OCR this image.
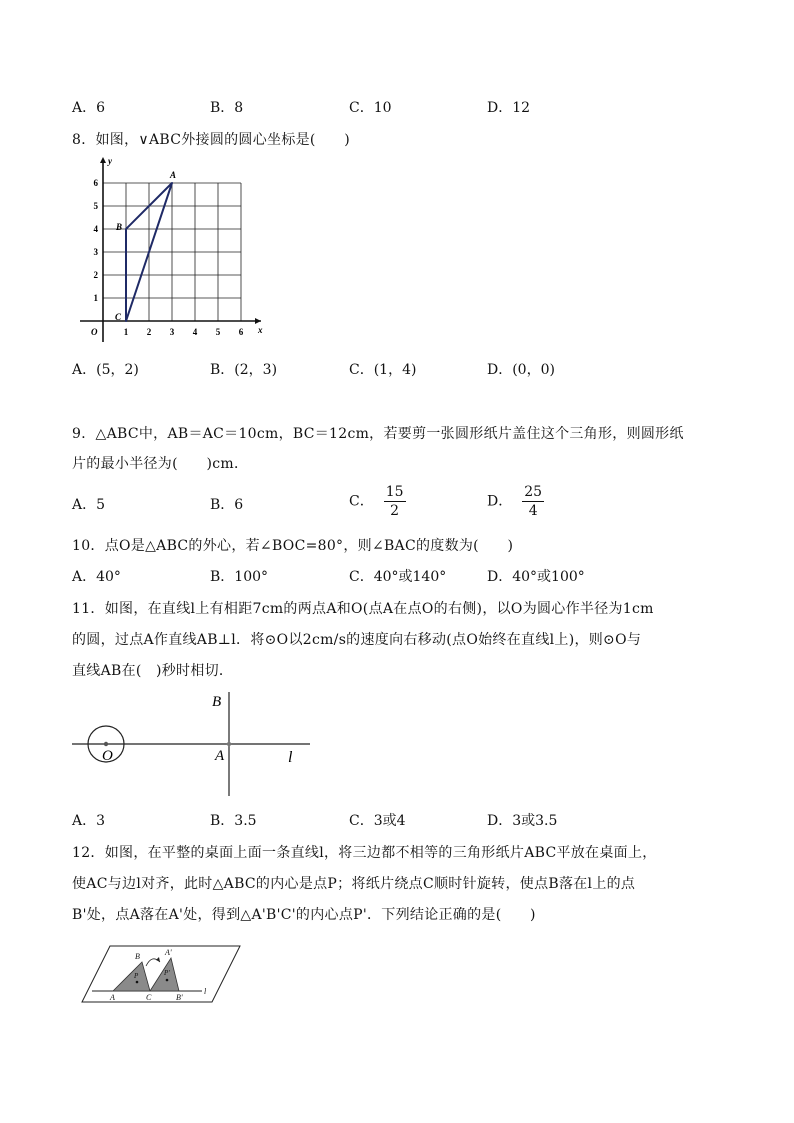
A．6	B．8	C．10	D．12
8．如图，∨ABC外接圆的圆心坐标是(　　)
y
x
O
1
2
3
4
5
6
1 2 3 4 5 6
A
B
C
A．(5，2)	B．(2，3)	C．(1，4)	D．(0，0)
9．△ABC中，AB＝AC＝10cm，BC＝12cm，若要剪一张圆形纸片盖住这个三角形，则圆形纸
片的最小半径为(　　)cm．
A．5	B．6	C． $\frac{15}{2}$	D． $\frac{25}{4}$
10．点O是△ABC的外心，若∠BOC=80°，则∠BAC的度数为(　　)
A．40°	B．100°	C．40°或140°	D．40°或100°
11．如图，在直线l上有相距7cm的两点A和O(点A在点O的右侧)，以O为圆心作半径为1cm
的圆，过点A作直线AB⊥l．将⊙O以2cm/s的速度向右移动(点O始终在直线l上)，则⊙O与
直线AB在(　)秒时相切．
B
A
O	l
A．3	B．3.5	C．3或4	D．3或3.5
12．如图，在平整的桌面上面一条直线l，将三边都不相等的三角形纸片ABC平放在桌面上，
使AC与边l对齐，此时△ABC的内心是点P；将纸片绕点C顺时针旋转，使点B落在l上的点
B'处，点A落在A'处，得到△A'B'C'的内心点P'．下列结论正确的是(　　)
B	A'
P	P'
A	C	B'
l
